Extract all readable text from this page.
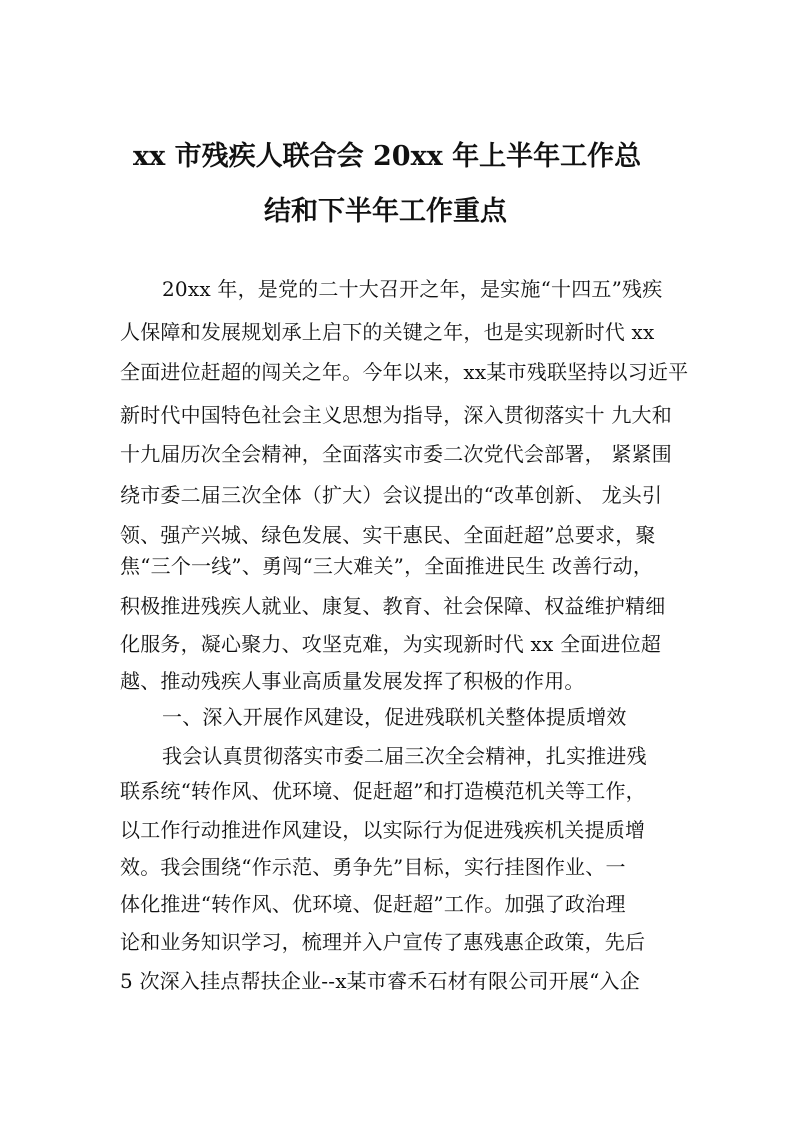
xx 市残疾人联合会 20xx 年上半年工作总
结和下半年工作重点
20xx 年，是党的二十大召开之年，是实施“十四五”残疾
人保障和发展规划承上启下的关键之年，也是实现新时代 xx
全面进位赶超的闯关之年。今年以来，xx某市残联坚持以习近平
新时代中国特色社会主义思想为指导，深入贯彻落实十 九大和
十九届历次全会精神，全面落实市委二次党代会部署， 紧紧围
绕市委二届三次全体（扩大）会议提出的“改革创新、 龙头引
领、强产兴城、绿色发展、实干惠民、全面赶超”总要求，聚
焦“三个一线”、勇闯“三大难关”，全面推进民生 改善行动，
积极推进残疾人就业、康复、教育、社会保障、权益维护精细
化服务，凝心聚力、攻坚克难，为实现新时代 xx 全面进位超
越、推动残疾人事业高质量发展发挥了积极的作用。
一、深入开展作风建设，促进残联机关整体提质增效
我会认真贯彻落实市委二届三次全会精神，扎实推进残
联系统“转作风、优环境、促赶超”和打造模范机关等工作，
以工作行动推进作风建设，以实际行为促进残疾机关提质增
效。我会围绕“作示范、勇争先”目标，实行挂图作业、一
体化推进“转作风、优环境、促赶超”工作。加强了政治理
论和业务知识学习，梳理并入户宣传了惠残惠企政策，先后
5 次深入挂点帮扶企业--x某市睿禾石材有限公司开展“入企
